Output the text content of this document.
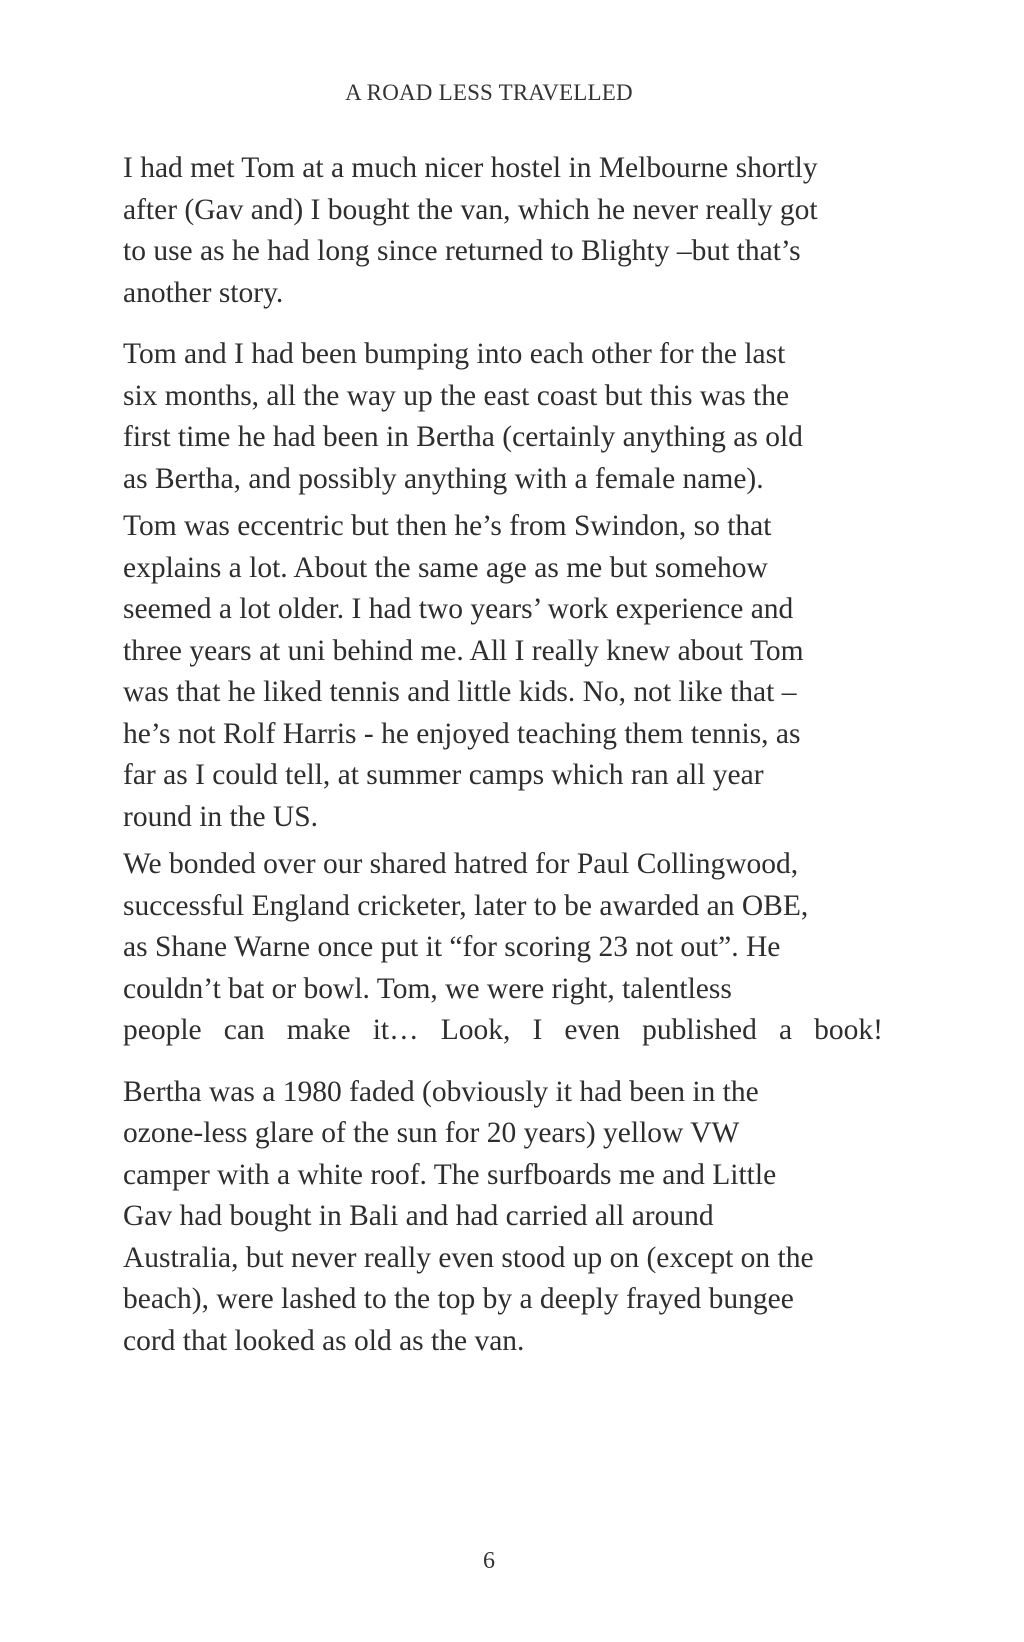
A ROAD LESS TRAVELLED

I had met Tom at a much nicer hostel in Melbourne shortly
after (Gav and) I bought the van, which he never really got
to use as he had long since returned to Blighty –but that’s
another story.

Tom and I had been bumping into each other for the last
six months, all the way up the east coast but this was the
first time he had been in Bertha (certainly anything as old
as Bertha, and possibly anything with a female name).

Tom was eccentric but then he’s from Swindon, so that
explains a lot. About the same age as me but somehow
seemed a lot older. I had two years’ work experience and
three years at uni behind me. All I really knew about Tom
was that he liked tennis and little kids. No, not like that –
he’s not Rolf Harris - he enjoyed teaching them tennis, as
far as I could tell, at summer camps which ran all year
round in the US.

We bonded over our shared hatred for Paul Collingwood,
successful England cricketer, later to be awarded an OBE,
as Shane Warne once put it “for scoring 23 not out”. He
couldn’t bat or bowl. Tom, we were right, talentless
people can make it… Look, I even published a book!

Bertha was a 1980 faded (obviously it had been in the
ozone-less glare of the sun for 20 years) yellow VW
camper with a white roof. The surfboards me and Little
Gav had bought in Bali and had carried all around
Australia, but never really even stood up on (except on the
beach), were lashed to the top by a deeply frayed bungee
cord that looked as old as the van.

6
